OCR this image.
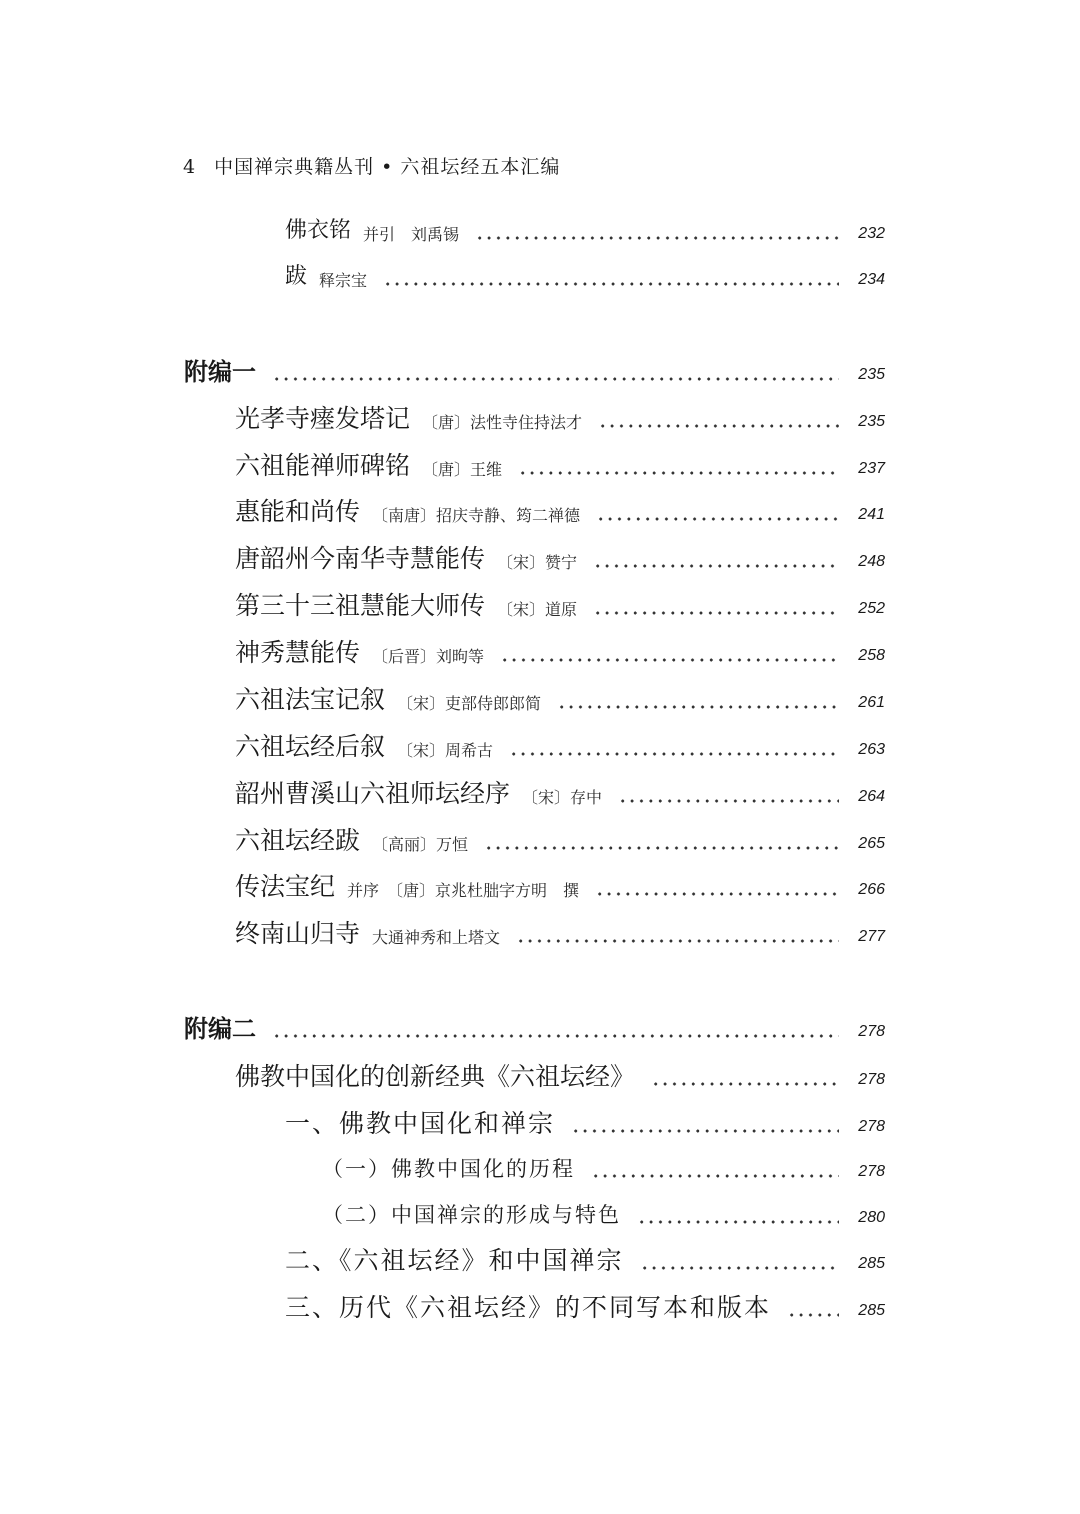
4 中国禅宗典籍丛刊 • 六祖坛经五本汇编
佛衣铭 并引　刘禹锡	232
跋 释宗宝	234
附编一	235
光孝寺瘗发塔记 〔唐〕法性寺住持法才	235
六祖能禅师碑铭 〔唐〕王维	237
惠能和尚传 〔南唐〕招庆寺静、筠二禅德	241
唐韶州今南华寺慧能传 〔宋〕赞宁	248
第三十三祖慧能大师传 〔宋〕道原	252
神秀慧能传 〔后晋〕刘昫等	258
六祖法宝记叙 〔宋〕吏部侍郎郎简	261
六祖坛经后叙 〔宋〕周希古	263
韶州曹溪山六祖师坛经序 〔宋〕存中	264
六祖坛经跋 〔高丽〕万恒	265
传法宝纪 并序　〔唐〕京兆杜朏字方明　撰	266
终南山归寺 大通神秀和上塔文	277
附编二	278
佛教中国化的创新经典《六祖坛经》	278
一、佛教中国化和禅宗	278
（一）佛教中国化的历程	278
（二）中国禅宗的形成与特色	280
二、《六祖坛经》和中国禅宗	285
三、历代《六祖坛经》的不同写本和版本	285
